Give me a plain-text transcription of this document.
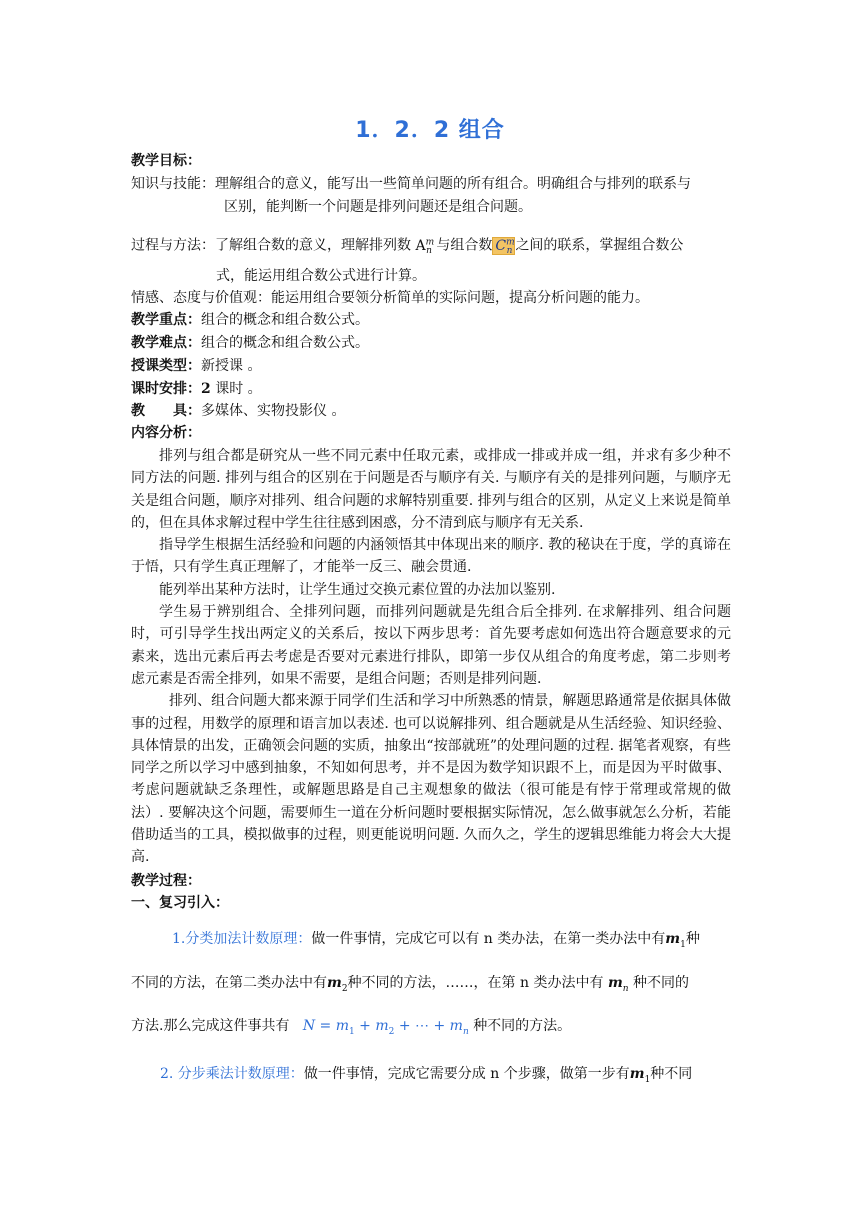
1．2．2 组合
教学目标：
知识与技能：理解组合的意义，能写出一些简单问题的所有组合。明确组合与排列的联系与
区别，能判断一个问题是排列问题还是组合问题。
过程与方法：了解组合数的意义，理解排列数 $A^m_n$ 与组合数 $C^m_n$ 之间的联系，掌握组合数公
式，能运用组合数公式进行计算。
情感、态度与价值观：能运用组合要领分析简单的实际问题，提高分析问题的能力。
教学重点：组合的概念和组合数公式。
教学难点：组合的概念和组合数公式。
授课类型：新授课 。
课时安排：2 课时 。
教　　具：多媒体、实物投影仪 。
内容分析：

排列与组合都是研究从一些不同元素中任取元素，或排成一排或并成一组，并求有多少种不同方法的问题. 排列与组合的区别在于问题是否与顺序有关. 与顺序有关的是排列问题，与顺序无关是组合问题，顺序对排列、组合问题的求解特别重要. 排列与组合的区别，从定义上来说是简单的，但在具体求解过程中学生往往感到困惑，分不清到底与顺序有无关系.

指导学生根据生活经验和问题的内涵领悟其中体现出来的顺序. 教的秘诀在于度，学的真谛在于悟，只有学生真正理解了，才能举一反三、融会贯通.

能列举出某种方法时，让学生通过交换元素位置的办法加以鉴别.

学生易于辨别组合、全排列问题，而排列问题就是先组合后全排列. 在求解排列、组合问题时，可引导学生找出两定义的关系后，按以下两步思考：首先要考虑如何选出符合题意要求的元素来，选出元素后再去考虑是否要对元素进行排队，即第一步仅从组合的角度考虑，第二步则考虑元素是否需全排列，如果不需要，是组合问题；否则是排列问题.

排列、组合问题大都来源于同学们生活和学习中所熟悉的情景，解题思路通常是依据具体做事的过程，用数学的原理和语言加以表述. 也可以说解排列、组合题就是从生活经验、知识经验、具体情景的出发，正确领会问题的实质，抽象出“按部就班”的处理问题的过程. 据笔者观察，有些同学之所以学习中感到抽象，不知如何思考，并不是因为数学知识跟不上，而是因为平时做事、考虑问题就缺乏条理性，或解题思路是自己主观想象的做法（很可能是有悖于常理或常规的做法）. 要解决这个问题，需要师生一道在分析问题时要根据实际情况，怎么做事就怎么分析，若能借助适当的工具，模拟做事的过程，则更能说明问题. 久而久之，学生的逻辑思维能力将会大大提高.

教学过程：
一、复习引入：
1.分类加法计数原理：做一件事情，完成它可以有 n 类办法，在第一类办法中有$m_1$种
不同的方法，在第二类办法中有$m_2$种不同的方法，……，在第 n 类办法中有 $m_n$ 种不同的
方法.那么完成这件事共有 $N = m_1 + m_2$ + ⋯ + $m_n$ 种不同的方法。
2. 分步乘法计数原理：做一件事情，完成它需要分成 n 个步骤，做第一步有$m_1$种不同
